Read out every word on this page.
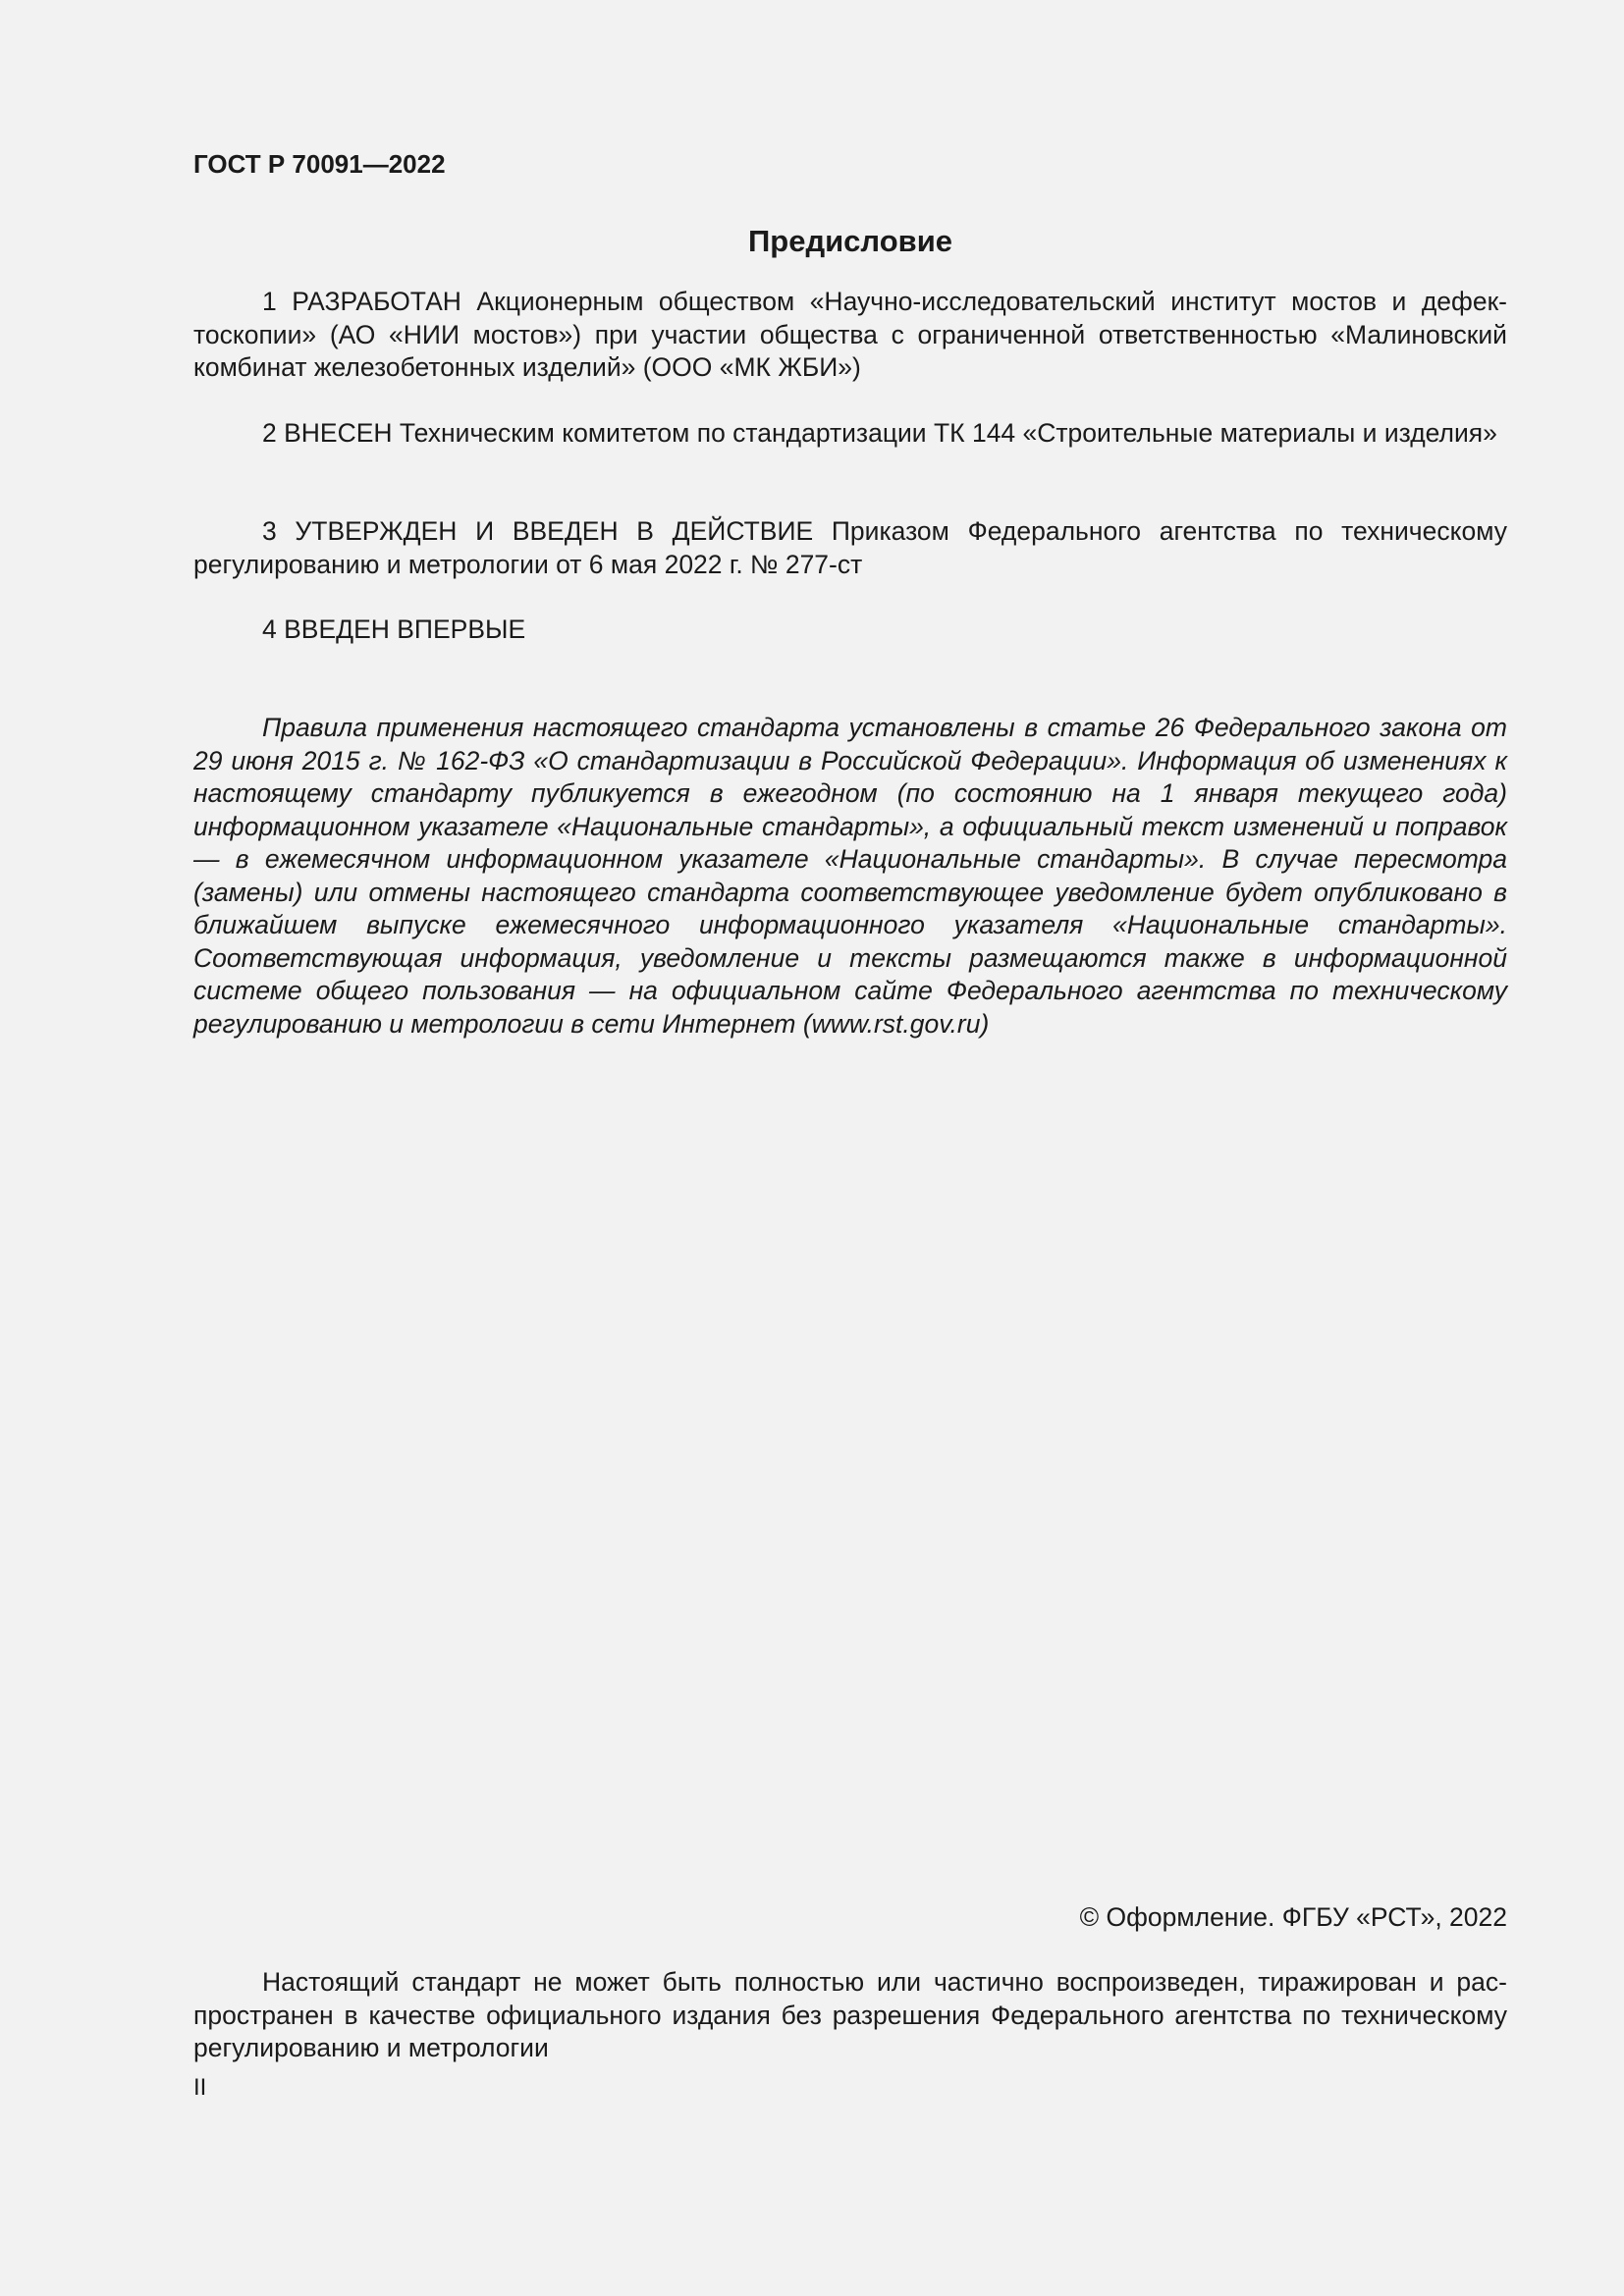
ГОСТ Р 70091—2022

Предисловие

1 РАЗРАБОТАН Акционерным обществом «Научно-исследовательский институт мостов и дефектоскопии» (АО «НИИ мостов») при участии общества с ограниченной ответственностью «Малиновский комбинат железобетонных изделий» (ООО «МК ЖБИ»)

2 ВНЕСЕН Техническим комитетом по стандартизации ТК 144 «Строительные материалы и изделия»

3 УТВЕРЖДЕН И ВВЕДЕН В ДЕЙСТВИЕ Приказом Федерального агентства по техническому регулированию и метрологии от 6 мая 2022 г. № 277-ст

4 ВВЕДЕН ВПЕРВЫЕ

Правила применения настоящего стандарта установлены в статье 26 Федерального закона от 29 июня 2015 г. № 162-ФЗ «О стандартизации в Российской Федерации». Информация об изменениях к настоящему стандарту публикуется в ежегодном (по состоянию на 1 января текущего года) информационном указателе «Национальные стандарты», а официальный текст изменений и поправок — в ежемесячном информационном указателе «Национальные стандарты». В случае пересмотра (замены) или отмены настоящего стандарта соответствующее уведомление будет опубликовано в ближайшем выпуске ежемесячного информационного указателя «Национальные стандарты». Соответствующая информация, уведомление и тексты размещаются также в информационной системе общего пользования — на официальном сайте Федерального агентства по техническому регулированию и метрологии в сети Интернет (www.rst.gov.ru)

© Оформление. ФГБУ «РСТ», 2022

Настоящий стандарт не может быть полностью или частично воспроизведен, тиражирован и распространен в качестве официального издания без разрешения Федерального агентства по техническому регулированию и метрологии

II
